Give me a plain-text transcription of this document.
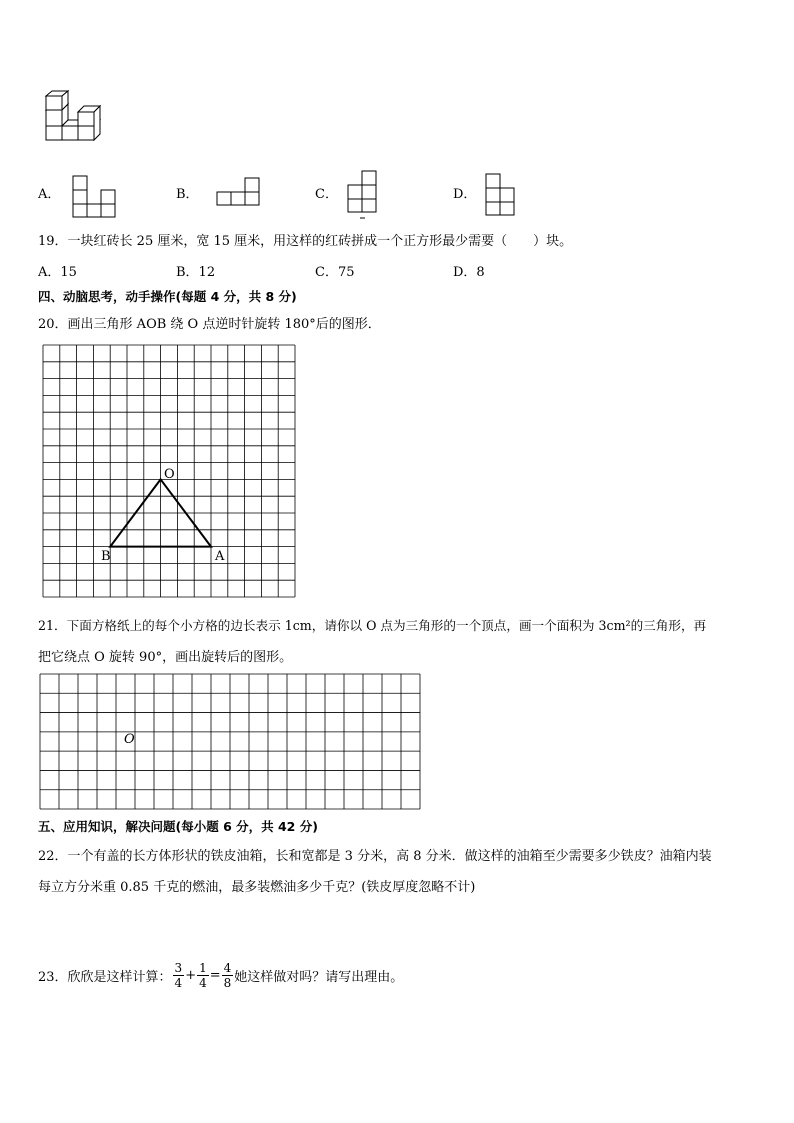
A．	B．	C．	D．
19．一块红砖长 25 厘米，宽 15 厘米，用这样的红砖拼成一个正方形最少需要（　　）块。
A．15	B．12	C．75	D．8
四、动脑思考，动手操作(每题 4 分，共 8 分)
20．画出三角形 AOB 绕 O 点逆时针旋转 180°后的图形．
O
B	A
21．下面方格纸上的每个小方格的边长表示 1cm，请你以 O 点为三角形的一个顶点，画一个面积为 3cm²的三角形，再
把它绕点 O 旋转 90°，画出旋转后的图形。
O
五、应用知识，解决问题(每小题 6 分，共 42 分)
22．一个有盖的长方体形状的铁皮油箱，长和宽都是 3 分米，高 8 分米．做这样的油箱至少需要多少铁皮？油箱内装
每立方分米重 0.85 千克的燃油，最多装燃油多少千克？(铁皮厚度忽略不计)
23．欣欣是这样计算： $\frac{3}{4} + \frac{1}{4} = \frac{4}{8}$ 她这样做对吗？请写出理由。
